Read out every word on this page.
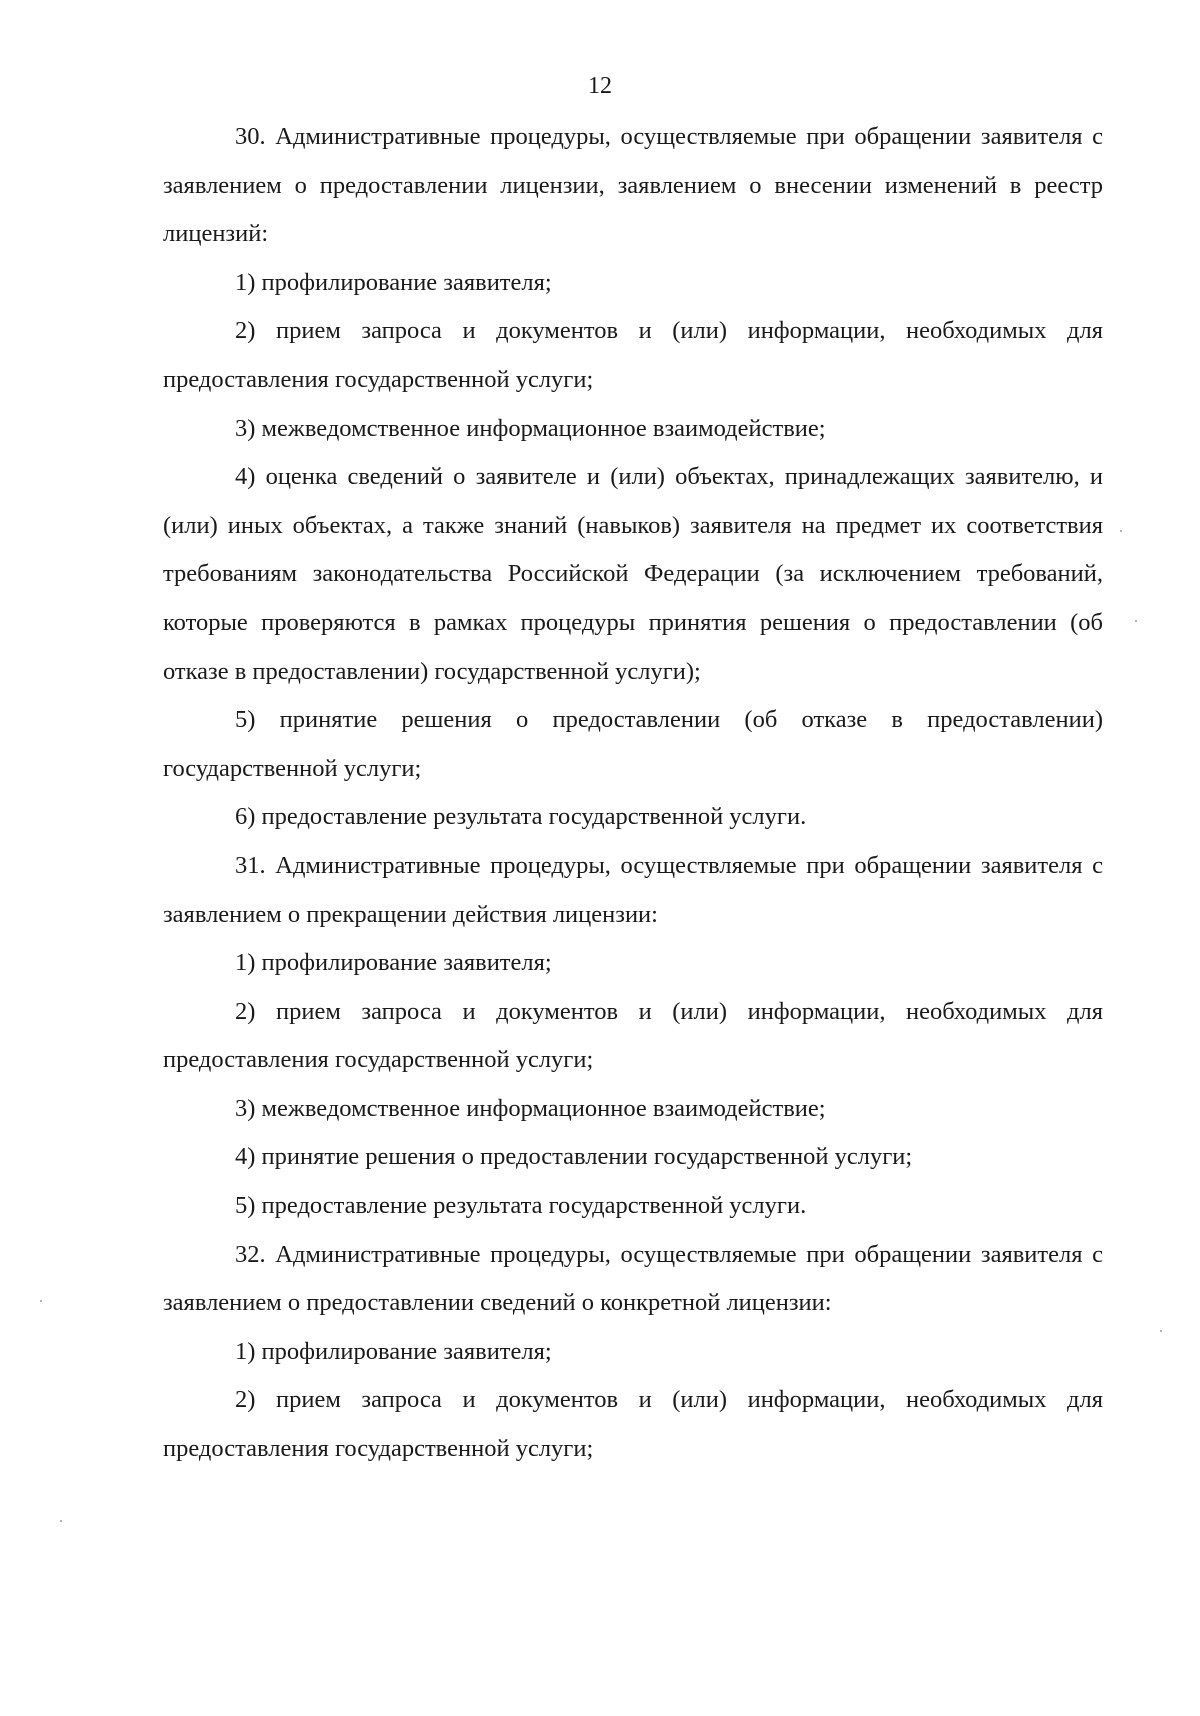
12

30. Административные процедуры, осуществляемые при обращении заявителя с заявлением о предоставлении лицензии, заявлением о внесении изменений в реестр лицензий:

1) профилирование заявителя;

2) прием запроса и документов и (или) информации, необходимых для предоставления государственной услуги;

3) межведомственное информационное взаимодействие;

4) оценка сведений о заявителе и (или) объектах, принадлежащих заявителю, и (или) иных объектах, а также знаний (навыков) заявителя на предмет их соответствия требованиям законодательства Российской Федерации (за исключением требований, которые проверяются в рамках процедуры принятия решения о предоставлении (об отказе в предоставлении) государственной услуги);

5) принятие решения о предоставлении (об отказе в предоставлении) государственной услуги;

6) предоставление результата государственной услуги.

31. Административные процедуры, осуществляемые при обращении заявителя с заявлением о прекращении действия лицензии:

1) профилирование заявителя;

2) прием запроса и документов и (или) информации, необходимых для предоставления государственной услуги;

3) межведомственное информационное взаимодействие;

4) принятие решения о предоставлении государственной услуги;

5) предоставление результата государственной услуги.

32. Административные процедуры, осуществляемые при обращении заявителя с заявлением о предоставлении сведений о конкретной лицензии:

1) профилирование заявителя;

2) прием запроса и документов и (или) информации, необходимых для предоставления государственной услуги;
